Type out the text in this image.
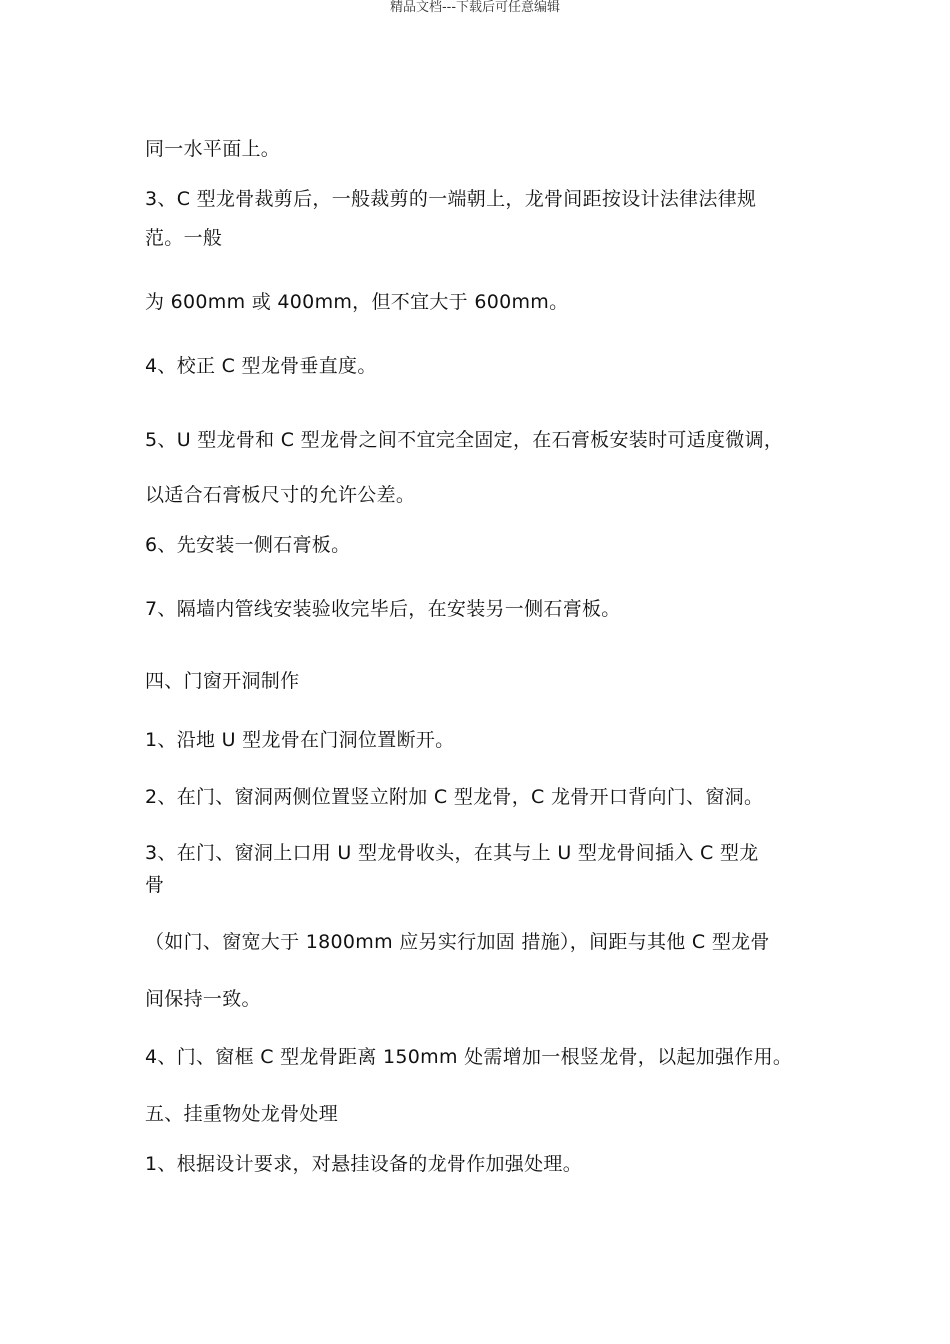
精品文档---下载后可任意编辑
同一水平面上。
3、C 型龙骨裁剪后，一般裁剪的一端朝上，龙骨间距按设计法律法律规
范。一般
为 600mm 或 400mm，但不宜大于 600mm。
4、校正 C 型龙骨垂直度。
5、U 型龙骨和 C 型龙骨之间不宜完全固定，在石膏板安装时可适度微调，
以适合石膏板尺寸的允许公差。
6、先安装一侧石膏板。
7、隔墙内管线安装验收完毕后，在安装另一侧石膏板。
四、门窗开洞制作
1、沿地 U 型龙骨在门洞位置断开。
2、在门、窗洞两侧位置竖立附加 C 型龙骨，C 龙骨开口背向门、窗洞。
3、在门、窗洞上口用 U 型龙骨收头，在其与上 U 型龙骨间插入 C 型龙
骨
（如门、窗宽大于 1800mm 应另实行加固 措施），间距与其他 C 型龙骨
间保持一致。
4、门、窗框 C 型龙骨距离 150mm 处需增加一根竖龙骨，以起加强作用。
五、挂重物处龙骨处理
1、根据设计要求，对悬挂设备的龙骨作加强处理。
